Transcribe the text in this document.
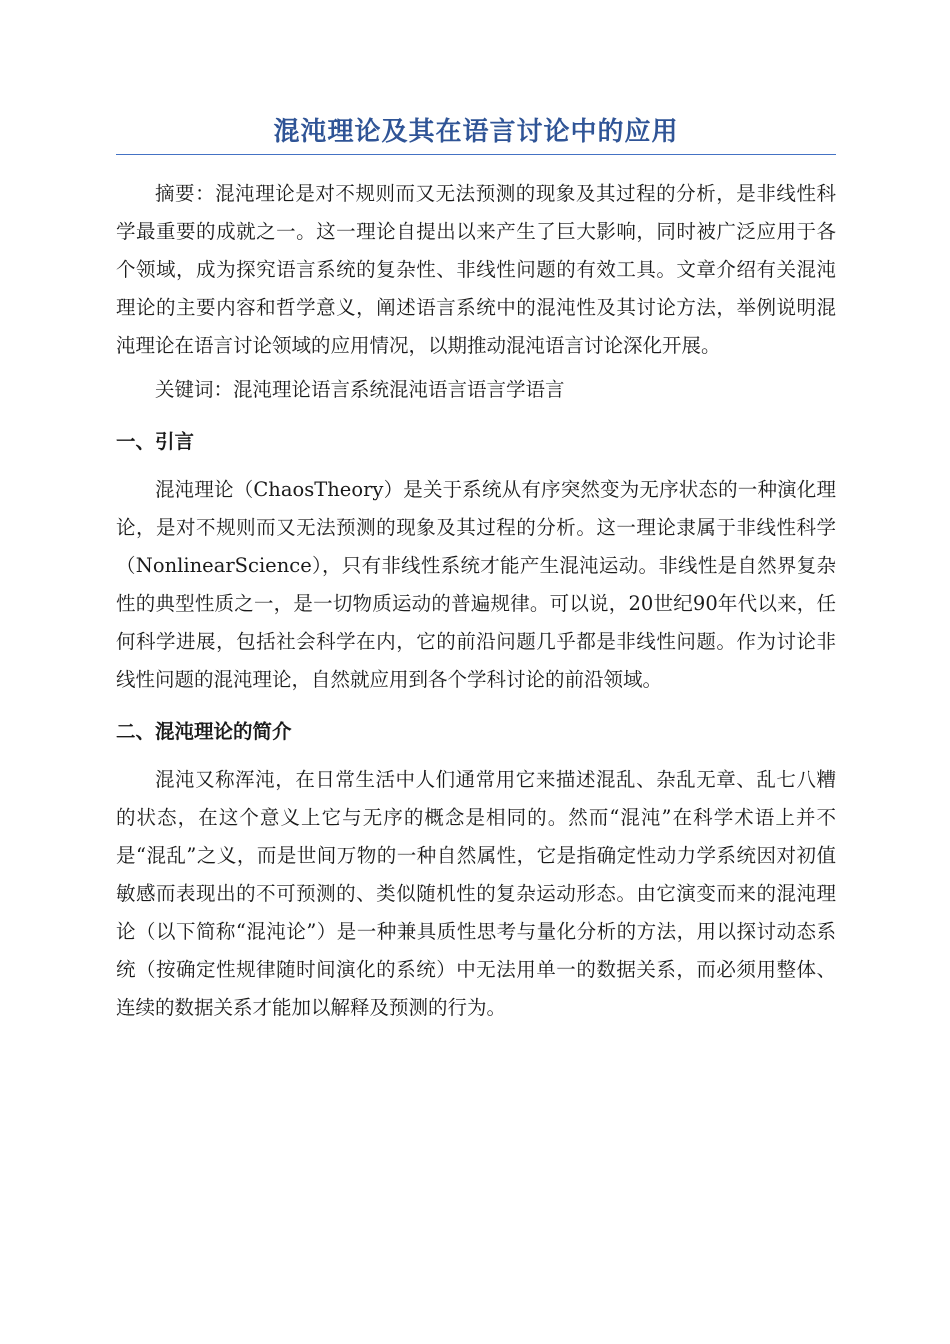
混沌理论及其在语言讨论中的应用

摘要：混沌理论是对不规则而又无法预测的现象及其过程的分析，是非线性科学最重要的成就之一。这一理论自提出以来产生了巨大影响，同时被广泛应用于各个领域，成为探究语言系统的复杂性、非线性问题的有效工具。文章介绍有关混沌理论的主要内容和哲学意义，阐述语言系统中的混沌性及其讨论方法，举例说明混沌理论在语言讨论领域的应用情况，以期推动混沌语言讨论深化开展。

关键词：混沌理论语言系统混沌语言语言学语言

一、引言

混沌理论（ChaosTheory）是关于系统从有序突然变为无序状态的一种演化理论，是对不规则而又无法预测的现象及其过程的分析。这一理论隶属于非线性科学（NonlinearScience），只有非线性系统才能产生混沌运动。非线性是自然界复杂性的典型性质之一，是一切物质运动的普遍规律。可以说，20世纪90年代以来，任何科学进展，包括社会科学在内，它的前沿问题几乎都是非线性问题。作为讨论非线性问题的混沌理论，自然就应用到各个学科讨论的前沿领域。

二、混沌理论的简介

混沌又称浑沌，在日常生活中人们通常用它来描述混乱、杂乱无章、乱七八糟的状态，在这个意义上它与无序的概念是相同的。然而“混沌”在科学术语上并不是“混乱”之义，而是世间万物的一种自然属性，它是指确定性动力学系统因对初值敏感而表现出的不可预测的、类似随机性的复杂运动形态。由它演变而来的混沌理论（以下简称“混沌论”）是一种兼具质性思考与量化分析的方法，用以探讨动态系统（按确定性规律随时间演化的系统）中无法用单一的数据关系，而必须用整体、连续的数据关系才能加以解释及预测的行为。
